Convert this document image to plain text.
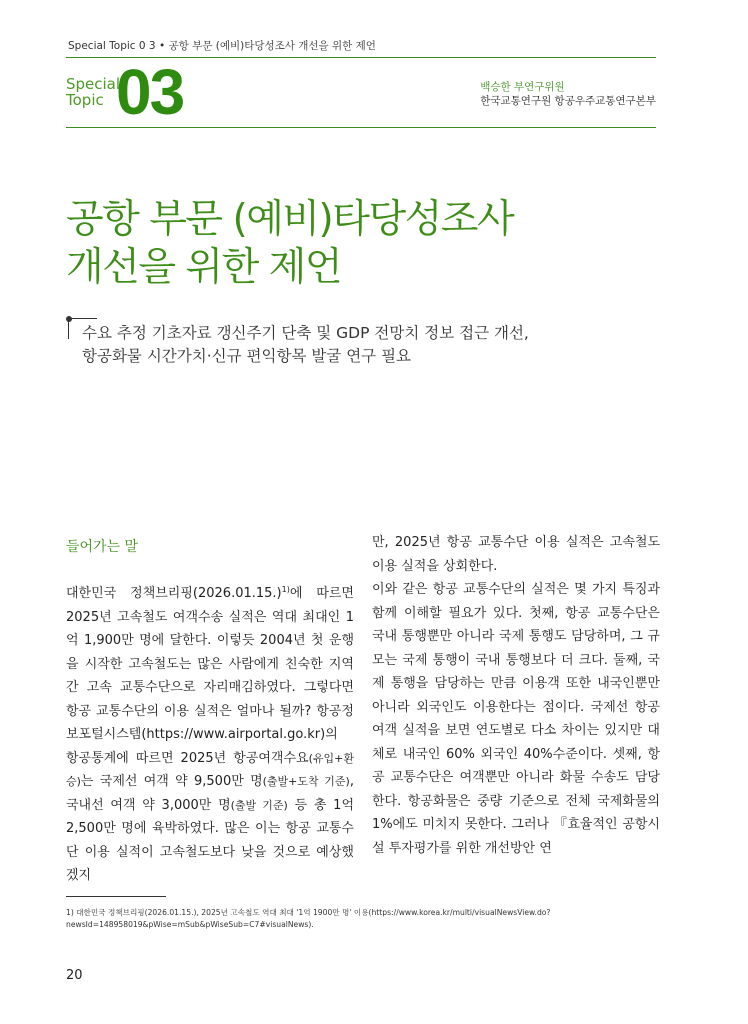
Special Topic 0 3 • 공항 부문 (예비)타당성조사 개선을 위한 제언
Special
Topic 03	백승한 부연구위원
한국교통연구원 항공우주교통연구본부
공항 부문 (예비)타당성조사
개선을 위한 제언
수요 추정 기초자료 갱신주기 단축 및 GDP 전망치 정보 접근 개선,
항공화물 시간가치·신규 편익항목 발굴 연구 필요
들어가는 말

대한민국 정책브리핑$(2026.01.15.)^{1)}$에 따르면 2025년 고속철도 여객수송 실적은 역대 최대인 1억 1,900만 명에 달한다. 이렇듯 2004년 첫 운행을 시작한 고속철도는 많은 사람에게 친숙한 지역 간 고속 교통수단으로 자리매김하였다. 그렇다면 항공 교통수단의 이용 실적은 얼마나 될까? 항공정보포털시스템(https://www.airportal.go.kr)의 항공통계에 따르면 2025년 항공여객수요(유입+환승)는 국제선 여객 약 9,500만 명(출발+도착 기준), 국내선 여객 약 3,000만 명(출발 기준) 등 총 1억 2,500만 명에 육박하였다. 많은 이는 항공 교통수단 이용 실적이 고속철도보다 낮을 것으로 예상했겠지

만, 2025년 항공 교통수단 이용 실적은 고속철도 이용 실적을 상회한다.

이와 같은 항공 교통수단의 실적은 몇 가지 특징과 함께 이해할 필요가 있다. 첫째, 항공 교통수단은 국내 통행뿐만 아니라 국제 통행도 담당하며, 그 규모는 국제 통행이 국내 통행보다 더 크다. 둘째, 국제 통행을 담당하는 만큼 이용객 또한 내국인뿐만 아니라 외국인도 이용한다는 점이다. 국제선 항공여객 실적을 보면 연도별로 다소 차이는 있지만 대체로 내국인 60% 외국인 40%수준이다. 셋째, 항공 교통수단은 여객뿐만 아니라 화물 수송도 담당한다. 항공화물은 중량 기준으로 전체 국제화물의 1%에도 미치지 못한다. 그러나 『효율적인 공항시설 투자평가를 위한 개선방안 연

1) 대한민국 정책브리핑(2026.01.15.), 2025년 고속철도 역대 최대 '1억 1900만 명' 이용(https://www.korea.kr/multi/visualNewsView.do?newsId=148958019&pWise=mSub&pWiseSub=C7#visualNews).
20
